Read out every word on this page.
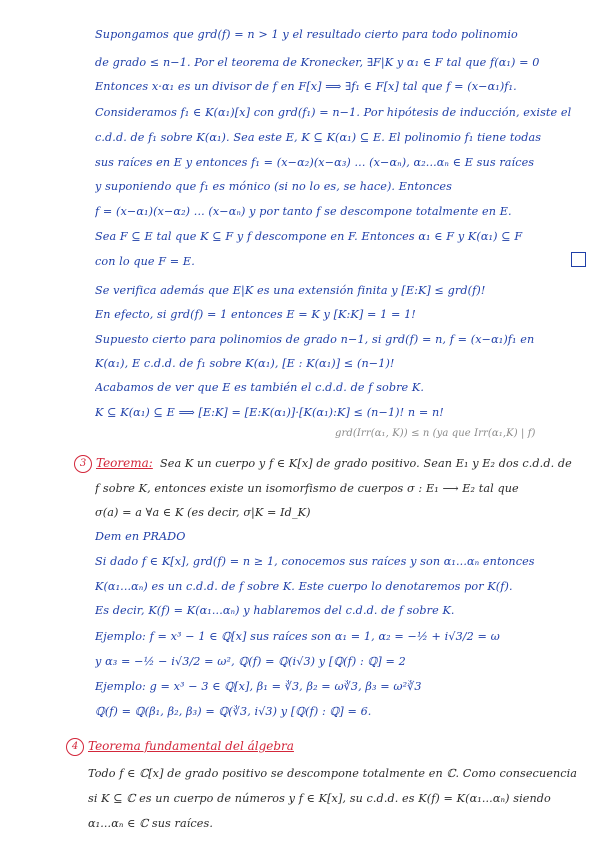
Supongamos que grd(f) = n > 1 y el resultado cierto para todo polinomio
de grado ≤ n−1. Por el teorema de Kronecker, ∃F|K y α₁ ∈ F tal que f(α₁) = 0
Entonces x·α₁ es un divisor de f en F[x] ⟹ ∃f₁ ∈ F[x] tal que f = (x−α₁)f₁.
Consideramos f₁ ∈ K(α₁)[x] con grd(f₁) = n−1. Por hipótesis de inducción, existe el
c.d.d. de f₁ sobre K(α₁). Sea este E, K ⊆ K(α₁) ⊆ E. El polinomio f₁ tiene todas
sus raíces en E y entonces f₁ = (x−α₂)(x−α₃) ... (x−αₙ), α₂...αₙ ∈ E sus raíces
y suponiendo que f₁ es mónico (si no lo es, se hace). Entonces
f = (x−α₁)(x−α₂) ... (x−αₙ) y por tanto f se descompone totalmente en E.
Sea F ⊆ E tal que K ⊆ F y f descompone en F. Entonces α₁ ∈ F y K(α₁) ⊆ F
con lo que F = E.
Se verifica además que E|K es una extensión finita y [E:K] ≤ grd(f)!
En efecto, si grd(f) = 1 entonces E = K y [K:K] = 1 = 1!
Supuesto cierto para polinomios de grado n−1, si grd(f) = n, f = (x−α₁)f₁ en
K(α₁), E c.d.d. de f₁ sobre K(α₁), [E : K(α₁)] ≤ (n−1)!
Acabamos de ver que E es también el c.d.d. de f sobre K.
K ⊆ K(α₁) ⊆ E ⟹ [E:K] = [E:K(α₁)]·[K(α₁):K] ≤ (n−1)! n = n!
grd(Irr(α₁, K)) ≤ n (ya que Irr(α₁,K) | f)
3 Teorema: Sea K un cuerpo y f ∈ K[x] de grado positivo. Sean E₁ y E₂ dos c.d.d. de
f sobre K, entonces existe un isomorfismo de cuerpos σ : E₁ ⟶ E₂ tal que
σ(a) = a ∀a ∈ K (es decir, σ|K = Id_K)
Dem en PRADO
Si dado f ∈ K[x], grd(f) = n ≥ 1, conocemos sus raíces y son α₁...αₙ entonces
K(α₁...αₙ) es un c.d.d. de f sobre K. Este cuerpo lo denotaremos por K(f).
Es decir, K(f) = K(α₁...αₙ) y hablaremos del c.d.d. de f sobre K.
Ejemplo: f = x³ − 1 ∈ ℚ[x] sus raíces son α₁ = 1, α₂ = −½ + i√3/2 = ω
y α₃ = −½ − i√3/2 = ω², ℚ(f) = ℚ(i√3) y [ℚ(f) : ℚ] = 2
Ejemplo: g = x³ − 3 ∈ ℚ[x], β₁ = ∛3, β₂ = ω∛3, β₃ = ω²∛3
ℚ(f) = ℚ(β₁, β₂, β₃) = ℚ(∛3, i√3) y [ℚ(f) : ℚ] = 6.
4 Teorema fundamental del álgebra
Todo f ∈ ℂ[x] de grado positivo se descompone totalmente en ℂ. Como consecuencia
si K ⊆ ℂ es un cuerpo de números y f ∈ K[x], su c.d.d. es K(f) = K(α₁...αₙ) siendo
α₁...αₙ ∈ ℂ sus raíces.
